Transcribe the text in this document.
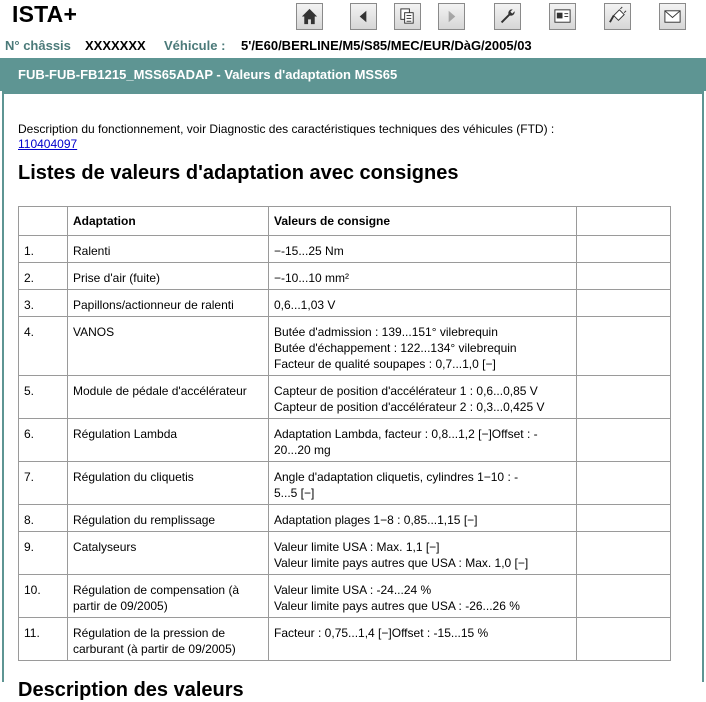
ISTA+
N° châssis XXXXXXX Véhicule : 5'/E60/BERLINE/M5/S85/MEC/EUR/DàG/2005/03
FUB-FUB-FB1215_MSS65ADAP - Valeurs d'adaptation MSS65
Description du fonctionnement, voir Diagnostic des caractéristiques techniques des véhicules (FTD) :
110404097
Listes de valeurs d'adaptation avec consignes
	Adaptation	Valeurs de consigne	
1.	Ralenti	−-15...25 Nm	

2.	Prise d'air (fuite)	−-10...10 mm²	

3.	Papillons/actionneur de ralenti	0,6...1,03 V	

4.	VANOS	Butée d'admission : 139...151° vilebrequin
Butée d'échappement : 122...134° vilebrequin
Facteur de qualité soupapes : 0,7...1,0 [−]	

5.	Module de pédale d'accélérateur	Capteur de position d'accélérateur 1 : 0,6...0,85 V
Capteur de position d'accélérateur 2 : 0,3...0,425 V	

6.	Régulation Lambda	Adaptation Lambda, facteur : 0,8...1,2 [−]Offset : -
20...20 mg	

7.	Régulation du cliquetis	Angle d'adaptation cliquetis, cylindres 1−10 : -
5...5 [−]	

8.	Régulation du remplissage	Adaptation plages 1−8 : 0,85...1,15 [−]	

9.	Catalyseurs	Valeur limite USA : Max. 1,1 [−]
Valeur limite pays autres que USA : Max. 1,0 [−]	

10.	Régulation de compensation (à partir de 09/2005)	Valeur limite USA : -24...24 %
Valeur limite pays autres que USA : -26...26 %	

11.	Régulation de la pression de carburant (à partir de 09/2005)	Facteur : 0,75...1,4 [−]Offset : -15...15 %	

Description des valeurs
